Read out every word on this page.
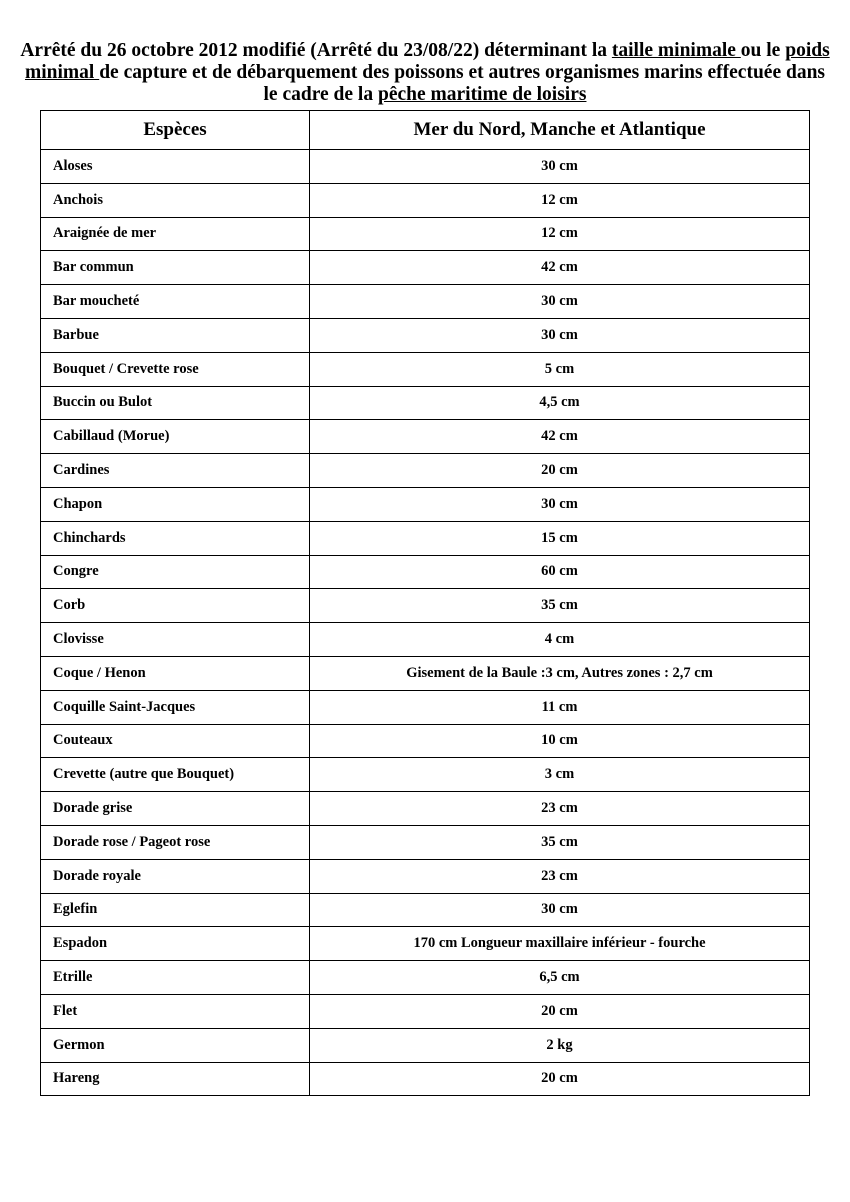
Arrêté du 26 octobre 2012 modifié (Arrêté du 23/08/22) déterminant la taille minimale ou le poids minimal de capture et de débarquement des poissons et autres organismes marins effectuée dans le cadre de la pêche maritime de loisirs
Espèces	Mer du Nord, Manche et Atlantique
Aloses	30 cm
Anchois	12 cm
Araignée de mer	12 cm
Bar commun	42 cm
Bar moucheté	30 cm
Barbue	30 cm
Bouquet / Crevette rose	5 cm
Buccin ou Bulot	4,5 cm
Cabillaud (Morue)	42 cm
Cardines	20 cm
Chapon	30 cm
Chinchards	15 cm
Congre	60 cm
Corb	35 cm
Clovisse	4 cm
Coque / Henon	Gisement de la Baule :3 cm, Autres zones : 2,7 cm
Coquille Saint-Jacques	11 cm
Couteaux	10 cm
Crevette (autre que Bouquet)	3 cm
Dorade grise	23 cm
Dorade rose / Pageot rose	35 cm
Dorade royale	23 cm
Eglefin	30 cm
Espadon	170 cm Longueur maxillaire inférieur - fourche
Etrille	6,5 cm
Flet	20 cm
Germon	2 kg
Hareng	20 cm
